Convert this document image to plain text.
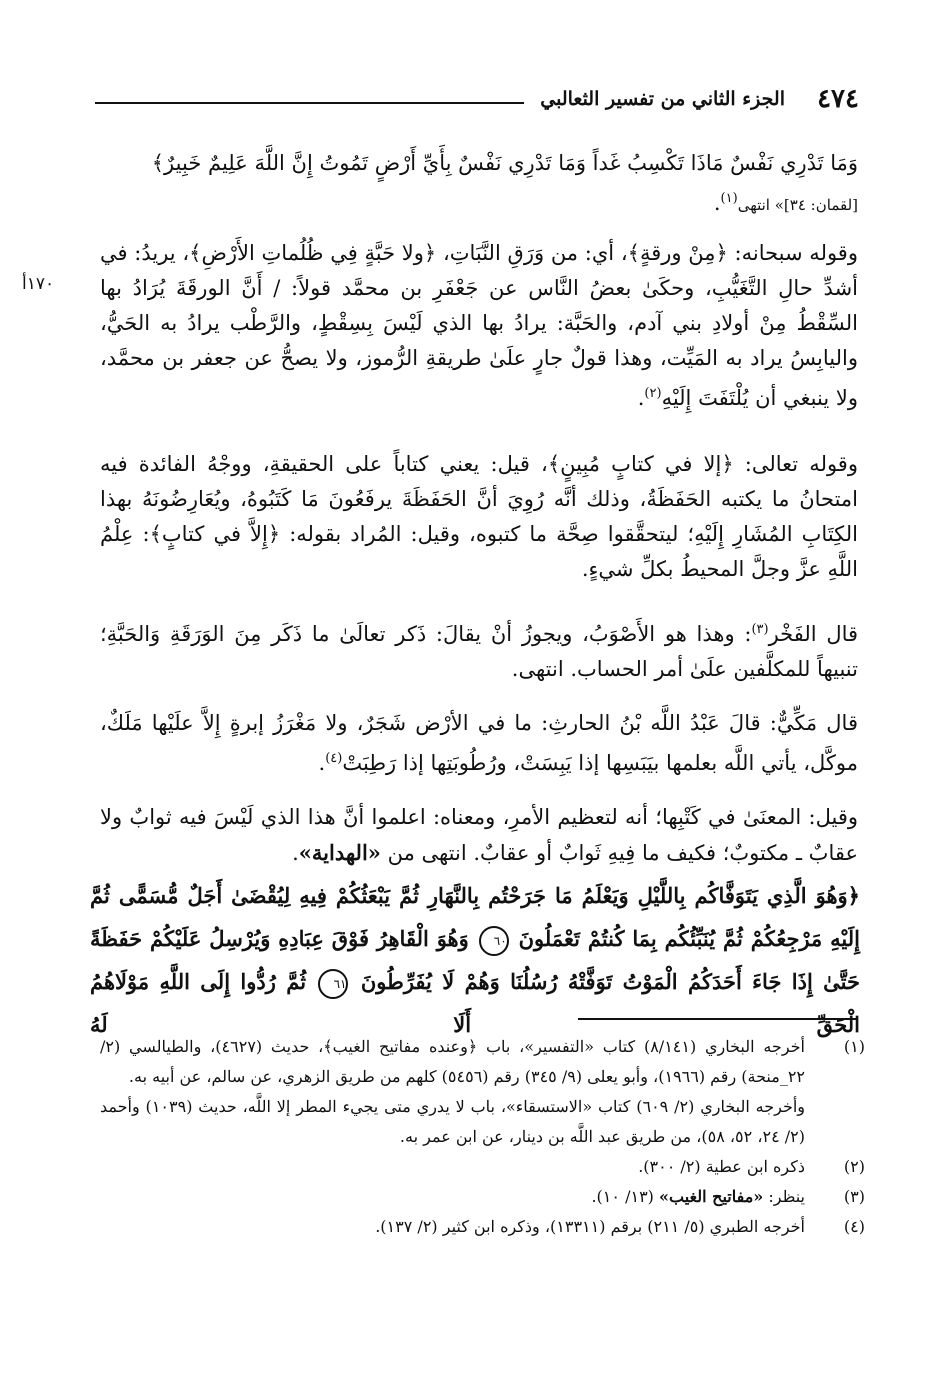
٤٧٤
الجزء الثاني من تفسير الثعالبي
١٧٠أ
وَمَا تَدْرِي نَفْسٌ مَاذَا تَكْسِبُ غَداً وَمَا تَدْرِي نَفْسٌ بِأَيِّ أَرْضٍ تَمُوتُ إِنَّ اللَّهَ عَلِيمٌ خَبِيرٌ﴾
[لقمان: ٣٤]» انتهى$^{(١)}$.
وقوله سبحانه: ﴿مِنْ ورقةٍ﴾، أي: من وَرَقِ النَّبَاتِ، ﴿ولا حَبَّةٍ فِي ظُلُماتِ الأَرْضِ﴾، يريدُ: في أشدِّ حالِ التَّغَيُّبِ، وحكَىٰ بعضُ النَّاس عن جَعْفَرِ بن محمَّد قولاً: / أَنَّ الورقَةَ يُرَادُ بها السِّقْطُ مِنْ أولادِ بني آدم، والحَبَّة: يرادُ بها الذي لَيْسَ بِسِقْطٍ، والرَّطْب يرادُ به الحَيُّ، واليابِسُ يراد به المَيِّت، وهذا قولٌ جارٍ علَىٰ طريقةِ الرُّموز، ولا يصحُّ عن جعفر بن محمَّد، ولا ينبغي أن يُلْتَفَتَ إِلَيْهِ$^{(٢)}$.
وقوله تعالى: ﴿إلا في كتابٍ مُبِينٍ﴾، قيل: يعني كتاباً على الحقيقةِ، ووجْهُ الفائدة فيه امتحانُ ما يكتبه الحَفَظَةُ، وذلك أنَّه رُوِيَ أنَّ الحَفَظَةَ يرفَعُونَ مَا كَتَبُوهُ، ويُعَارِضُونَهُ بهذا الكِتَابِ المُشَارِ إِلَيْهِ؛ ليتحقَّقوا صِحَّة ما كتبوه، وقيل: المُراد بقوله: ﴿إِلاَّ في كتابٍ﴾: عِلْمُ اللَّهِ عزَّ وجلَّ المحيطُ بكلِّ شيءٍ.
قال الفَخْر$^{(٣)}$: وهذا هو الأَصْوَبُ، ويجوزُ أنْ يقالَ: ذَكر تعالَىٰ ما ذَكَر مِنَ الوَرَقَةِ وَالحَبَّةِ؛ تنبيهاً للمكلَّفين علَىٰ أمر الحساب. انتهى.
قال مَكِّيٌّ: قالَ عَبْدُ اللَّه بْنُ الحارثِ: ما في الأرْض شَجَرٌ، ولا مَغْرَزُ إبرةٍ إِلاَّ علَيْها مَلَكٌ، موكَّل، يأتي اللَّه بعلمها بيَبَسِها إذا يَبِسَتْ، ورُطُوبَتِها إذا رَطِبَتْ$^{(٤)}$.
وقيل: المعنَىٰ في كَتْبِها؛ أنه لتعظيم الأمرِ، ومعناه: اعلموا أنَّ هذا الذي لَيْسَ فيه ثوابٌ ولا عقابٌ ـ مكتوبٌ؛ فكيف ما فِيهِ ثَوابٌ أو عقابٌ. انتهى من «الهداية».
﴿وَهُوَ الَّذِي يَتَوَفَّاكُم بِاللَّيْلِ وَيَعْلَمُ مَا جَرَحْتُم بِالنَّهَارِ ثُمَّ يَبْعَثُكُمْ فِيهِ لِيُقْضَىٰ أَجَلٌ مُّسَمًّى ثُمَّ إِلَيْهِ مَرْجِعُكُمْ ثُمَّ يُنَبِّئُكُم بِمَا كُنتُمْ تَعْمَلُونَ ٦٠ وَهُوَ الْقَاهِرُ فَوْقَ عِبَادِهِ وَيُرْسِلُ عَلَيْكُمْ حَفَظَةً حَتَّىٰ إِذَا جَاءَ أَحَدَكُمُ الْمَوْتُ تَوَفَّتْهُ رُسُلُنَا وَهُمْ لَا يُفَرِّطُونَ ٦١ ثُمَّ رُدُّوا إِلَى اللَّهِ مَوْلَاهُمُ الْحَقِّ أَلَا لَهُ
(١)
أخرجه البخاري (٨/١٤١) كتاب «التفسير»، باب ﴿وعنده مفاتيح الغيب﴾، حديث (٤٦٢٧)، والطيالسي (٢/ ٢٢_منحة) رقم (١٩٦٦)، وأبو يعلى (٩/ ٣٤٥) رقم (٥٤٥٦) كلهم من طريق الزهري، عن سالم، عن أبيه به.
وأخرجه البخاري (٢/ ٦٠٩) كتاب «الاستسقاء»، باب لا يدري متى يجيء المطر إلا اللَّه، حديث (١٠٣٩) وأحمد (٢/ ٢٤، ٥٢، ٥٨)، من طريق عبد اللَّه بن دينار، عن ابن عمر به.
(٢)
ذكره ابن عطية (٢/ ٣٠٠).
(٣)
ينظر: «مفاتيح الغيب» (١٣/ ١٠).
(٤)
أخرجه الطبري (٥/ ٢١١) برقم (١٣٣١١)، وذكره ابن كثير (٢/ ١٣٧).
